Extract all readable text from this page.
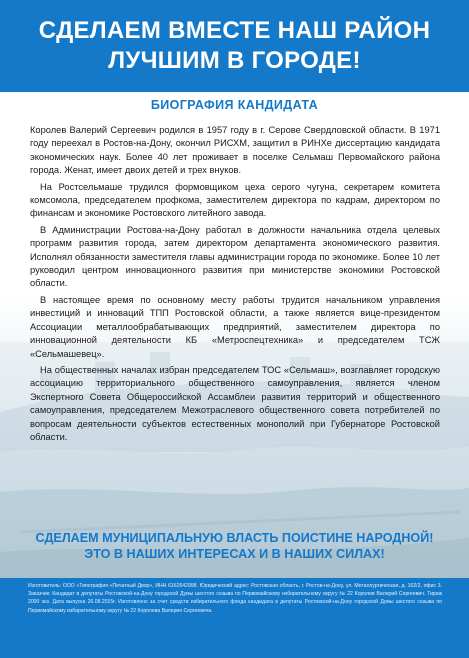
СДЕЛАЕМ ВМЕСТЕ НАШ РАЙОН
ЛУЧШИМ В ГОРОДЕ!
БИОГРАФИЯ КАНДИДАТА

Королев Валерий Сергеевич родился в 1957 году в г. Серове Свердловской области. В 1971 году переехал в Ростов-на-Дону, окончил РИСХМ, защитил в РИНХе диссертацию кандидата экономических наук. Более 40 лет проживает в поселке Сельмаш Первомайского района города. Женат, имеет двоих детей и трех внуков.

На Ростсельмаше трудился формовщиком цеха серого чугуна, секретарем комитета комсомола, председателем профкома, заместителем директора по кадрам, директором по финансам и экономике Ростовского литейного завода.

В Администрации Ростова-на-Дону работал в должности начальника отдела целевых программ развития города, затем директором департамента экономического развития. Исполнял обязанности заместителя главы администрации города по экономике. Более 10 лет руководил центром инновационного развития при министерстве экономики Ростовской области.

В настоящее время по основному месту работы трудится начальником управления инвестиций и инноваций ТПП Ростовской области, а также является вице-президентом Ассоциации металлообрабатывающих предприятий, заместителем директора по инновационной деятельности КБ «Метроспецтехника» и председателем ТСЖ «Сельмашевец».

На общественных началах избран председателем ТОС «Сельмаш», возглавляет городскую ассоциацию территориального общественного самоуправления, является членом Экспертного Совета Общероссийской Ассамблеи развития территорий и общественного самоуправления, председателем Межотраслевого общественного совета потребителей по вопросам деятельности субъектов естественных монополий при Губернаторе Ростовской области.

СДЕЛАЕМ МУНИЦИПАЛЬНУЮ ВЛАСТЬ ПОИСТИНЕ НАРОДНОЙ!
ЭТО В НАШИХ ИНТЕРЕСАХ И В НАШИХ СИЛАХ!
Изготовитель: ООО «Типография «Печатный Двор», ИНН 6162642998. Юридический адрес: Ростовская область, г. Ростов-на-Дону, ул. Металлургическая, д. 102/2, офис 3. Заказчик: Кандидат в депутаты Ростовской-на-Дону городской Думы шестого созыва по Первомайскому избирательному округу № 22 Королев Валерий Сергеевич. Тираж 2000 экз. Дата выпуска 26.08.2015г. Изготовлено за счет средств избирательного фонда кандидата в депутаты Ростовской-на-Дону городской Думы шестого созыва по Первомайскому избирательному округу № 22 Королева Валерия Сергеевича.
